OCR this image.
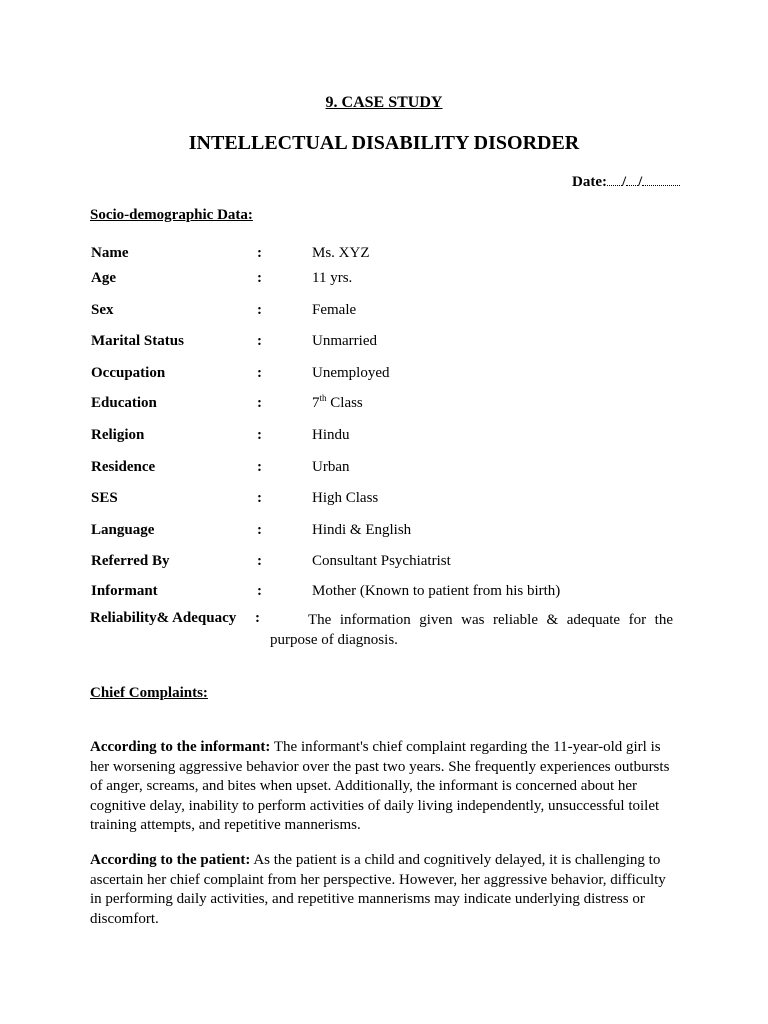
9. CASE STUDY
INTELLECTUAL DISABILITY DISORDER
Date: / /
Socio-demographic Data:
Name	:	Ms. XYZ
Age	:	11 yrs.
Sex	:	Female
Marital Status	:	Unmarried
Occupation	:	Unemployed
Education	:	7th Class
Religion	:	Hindu
Residence	:	Urban
SES	:	High Class
Language	:	Hindi & English
Referred By	:	Consultant Psychiatrist
Informant	:	Mother (Known to patient from his birth)
Reliability& Adequacy :	The information given was reliable & adequate for the purpose of diagnosis.
Chief Complaints:
According to the informant: The informant's chief complaint regarding the 11-year-old girl is her worsening aggressive behavior over the past two years. She frequently experiences outbursts of anger, screams, and bites when upset. Additionally, the informant is concerned about her cognitive delay, inability to perform activities of daily living independently, unsuccessful toilet training attempts, and repetitive mannerisms.
According to the patient: As the patient is a child and cognitively delayed, it is challenging to ascertain her chief complaint from her perspective. However, her aggressive behavior, difficulty in performing daily activities, and repetitive mannerisms may indicate underlying distress or discomfort.
